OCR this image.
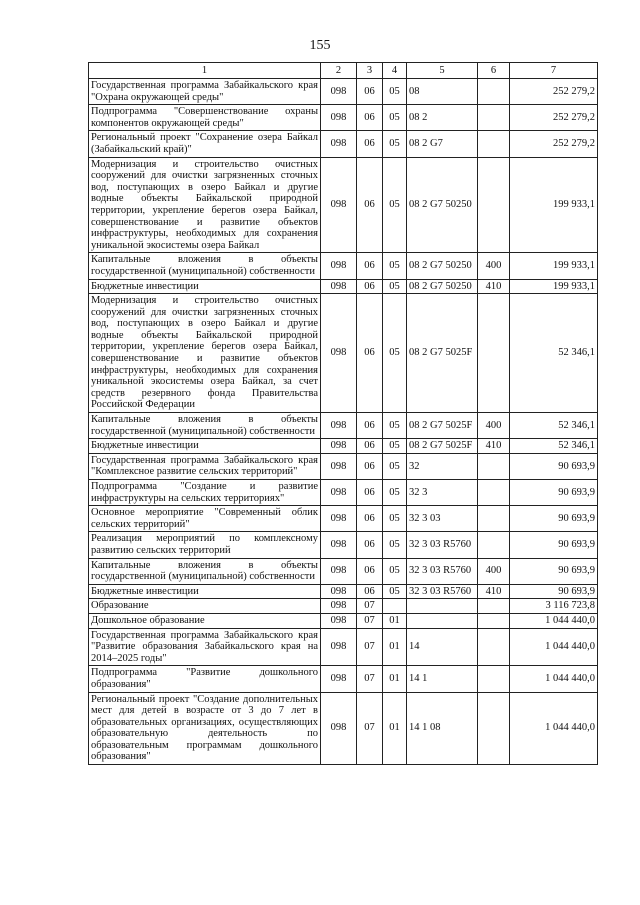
155
1	2	3	4	5	6	7
Государственная программа Забайкальского края "Охрана окружающей среды"	098	06	05	08		252 279,2
Подпрограмма "Совершенствование охраны компонентов окружающей среды"	098	06	05	08 2		252 279,2
Региональный проект "Сохранение озера Байкал (Забайкальский край)"	098	06	05	08 2 G7		252 279,2
Модернизация и строительство очистных сооружений для очистки загрязненных сточных вод, поступающих в озеро Байкал и другие водные объекты Байкальской природной территории, укрепление берегов озера Байкал, совершенствование и развитие объектов инфраструктуры, необходимых для сохранения уникальной экосистемы озера Байкал	098	06	05	08 2 G7 50250		199 933,1
Капитальные вложения в объекты государственной (муниципальной) собственности	098	06	05	08 2 G7 50250	400	199 933,1
Бюджетные инвестиции	098	06	05	08 2 G7 50250	410	199 933,1
Модернизация и строительство очистных сооружений для очистки загрязненных сточных вод, поступающих в озеро Байкал и другие водные объекты Байкальской природной территории, укрепление берегов озера Байкал, совершенствование и развитие объектов инфраструктуры, необходимых для сохранения уникальной экосистемы озера Байкал, за счет средств резервного фонда Правительства Российской Федерации	098	06	05	08 2 G7 5025F		52 346,1
Капитальные вложения в объекты государственной (муниципальной) собственности	098	06	05	08 2 G7 5025F	400	52 346,1
Бюджетные инвестиции	098	06	05	08 2 G7 5025F	410	52 346,1
Государственная программа Забайкальского края "Комплексное развитие сельских территорий"	098	06	05	32		90 693,9
Подпрограмма "Создание и развитие инфраструктуры на сельских территориях"	098	06	05	32 3		90 693,9
Основное мероприятие "Современный облик сельских территорий"	098	06	05	32 3 03		90 693,9
Реализация мероприятий по комплексному развитию сельских территорий	098	06	05	32 3 03 R5760		90 693,9
Капитальные вложения в объекты государственной (муниципальной) собственности	098	06	05	32 3 03 R5760	400	90 693,9
Бюджетные инвестиции	098	06	05	32 3 03 R5760	410	90 693,9
Образование	098	07				3 116 723,8
Дошкольное образование	098	07	01			1 044 440,0
Государственная программа Забайкальского края "Развитие образования Забайкальского края на 2014–2025 годы"	098	07	01	14		1 044 440,0
Подпрограмма "Развитие дошкольного образования"	098	07	01	14 1		1 044 440,0
Региональный проект "Создание дополнительных мест для детей в возрасте от 3 до 7 лет в образовательных организациях, осуществляющих образовательную деятельность по образовательным программам дошкольного образования"	098	07	01	14 1 08		1 044 440,0
